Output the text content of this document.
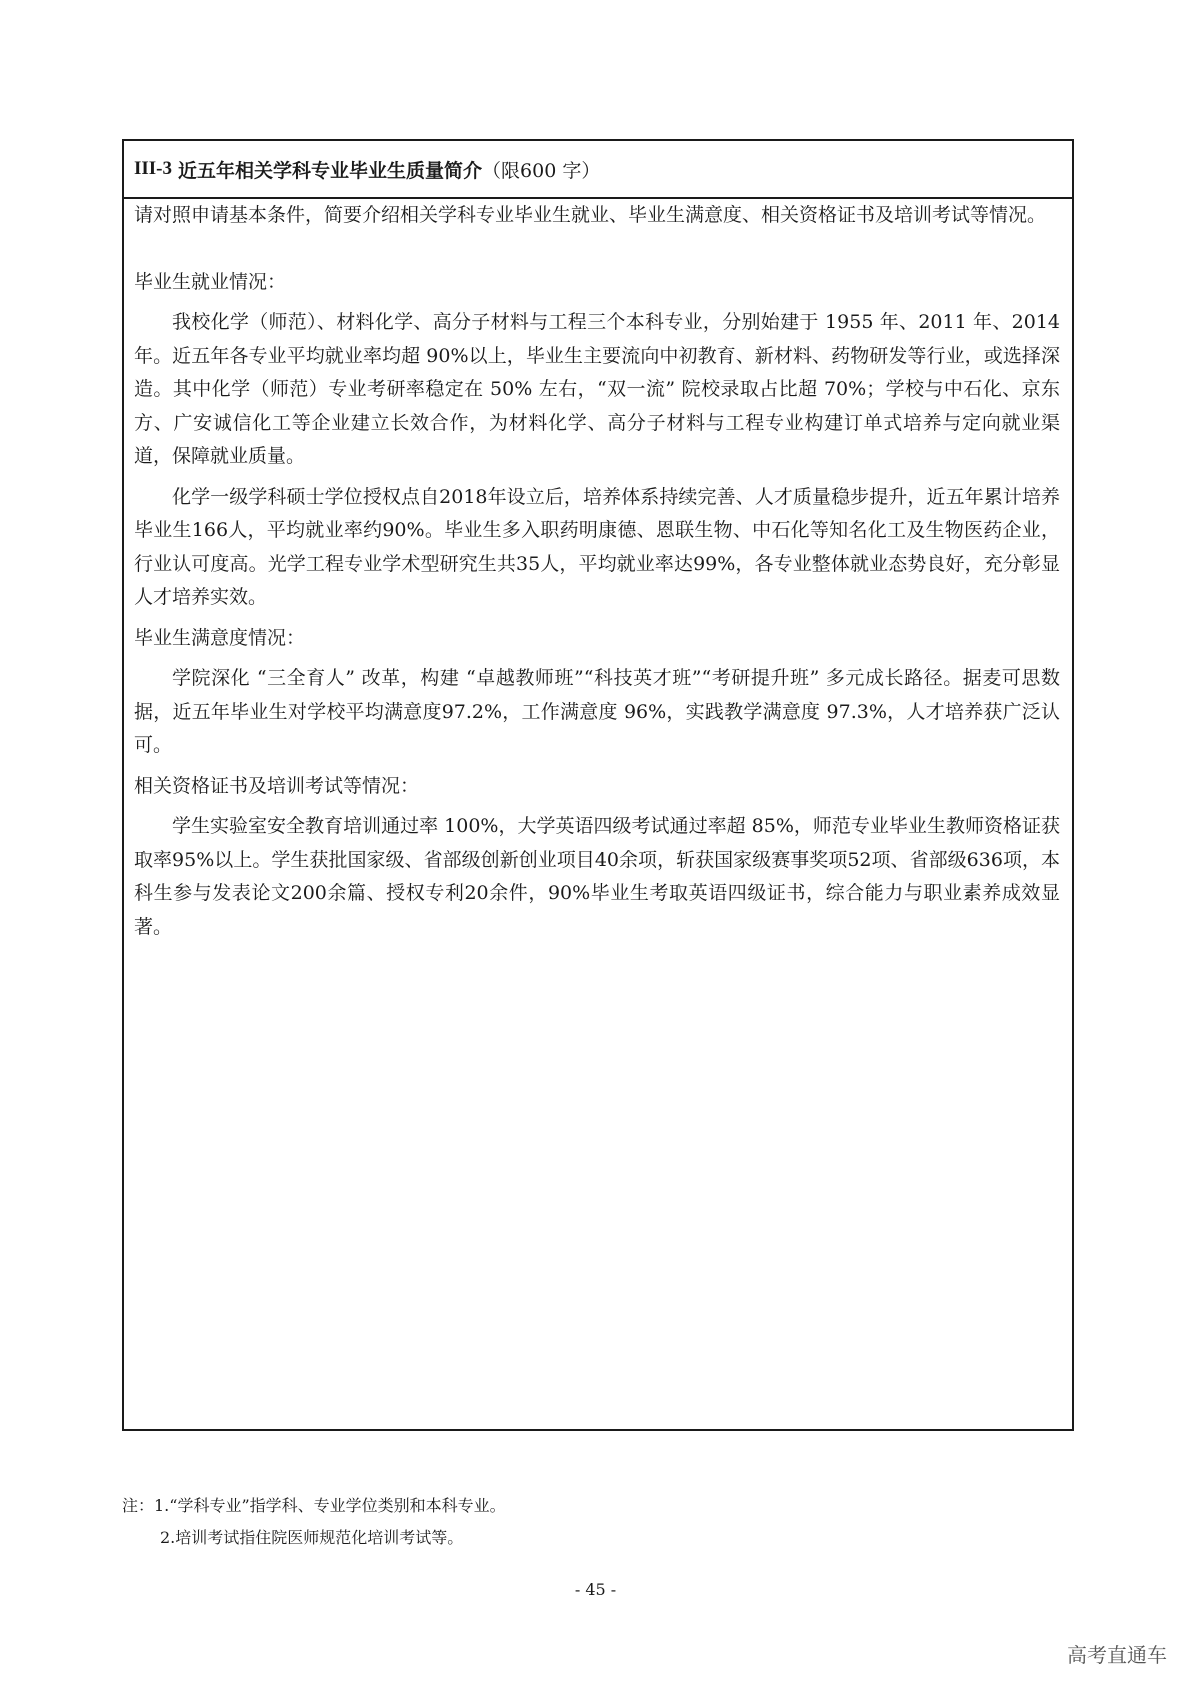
III-3 近五年相关学科专业毕业生质量简介 （限600 字）

请对照申请基本条件，简要介绍相关学科专业毕业生就业、毕业生满意度、相关资格证书及培训考试等情况。

毕业生就业情况：

我校化学（师范）、材料化学、高分子材料与工程三个本科专业，分别始建于 1955 年、2011 年、2014 年。近五年各专业平均就业率均超 90%以上，毕业生主要流向中初教育、新材料、药物研发等行业，或选择深造。其中化学（师范）专业考研率稳定在 50% 左右，“双一流” 院校录取占比超 70%；学校与中石化、京东方、广安诚信化工等企业建立长效合作，为材料化学、高分子材料与工程专业构建订单式培养与定向就业渠道，保障就业质量。

化学一级学科硕士学位授权点自2018年设立后，培养体系持续完善、人才质量稳步提升，近五年累计培养毕业生166人，平均就业率约90%。毕业生多入职药明康德、恩联生物、中石化等知名化工及生物医药企业，行业认可度高。光学工程专业学术型研究生共35人，平均就业率达99%，各专业整体就业态势良好，充分彰显人才培养实效。

毕业生满意度情况：

学院深化 “三全育人” 改革，构建 “卓越教师班”“科技英才班”“考研提升班” 多元成长路径。据麦可思数据，近五年毕业生对学校平均满意度97.2%，工作满意度 96%，实践教学满意度 97.3%，人才培养获广泛认可。

相关资格证书及培训考试等情况：

学生实验室安全教育培训通过率 100%，大学英语四级考试通过率超 85%，师范专业毕业生教师资格证获取率95%以上。学生获批国家级、省部级创新创业项目40余项，斩获国家级赛事奖项52项、省部级636项，本科生参与发表论文200余篇、授权专利20余件，90%毕业生考取英语四级证书，综合能力与职业素养成效显著。

注：1.“学科专业”指学科、专业学位类别和本科专业。
2.培训考试指住院医师规范化培训考试等。
- 45 -
高考直通车
